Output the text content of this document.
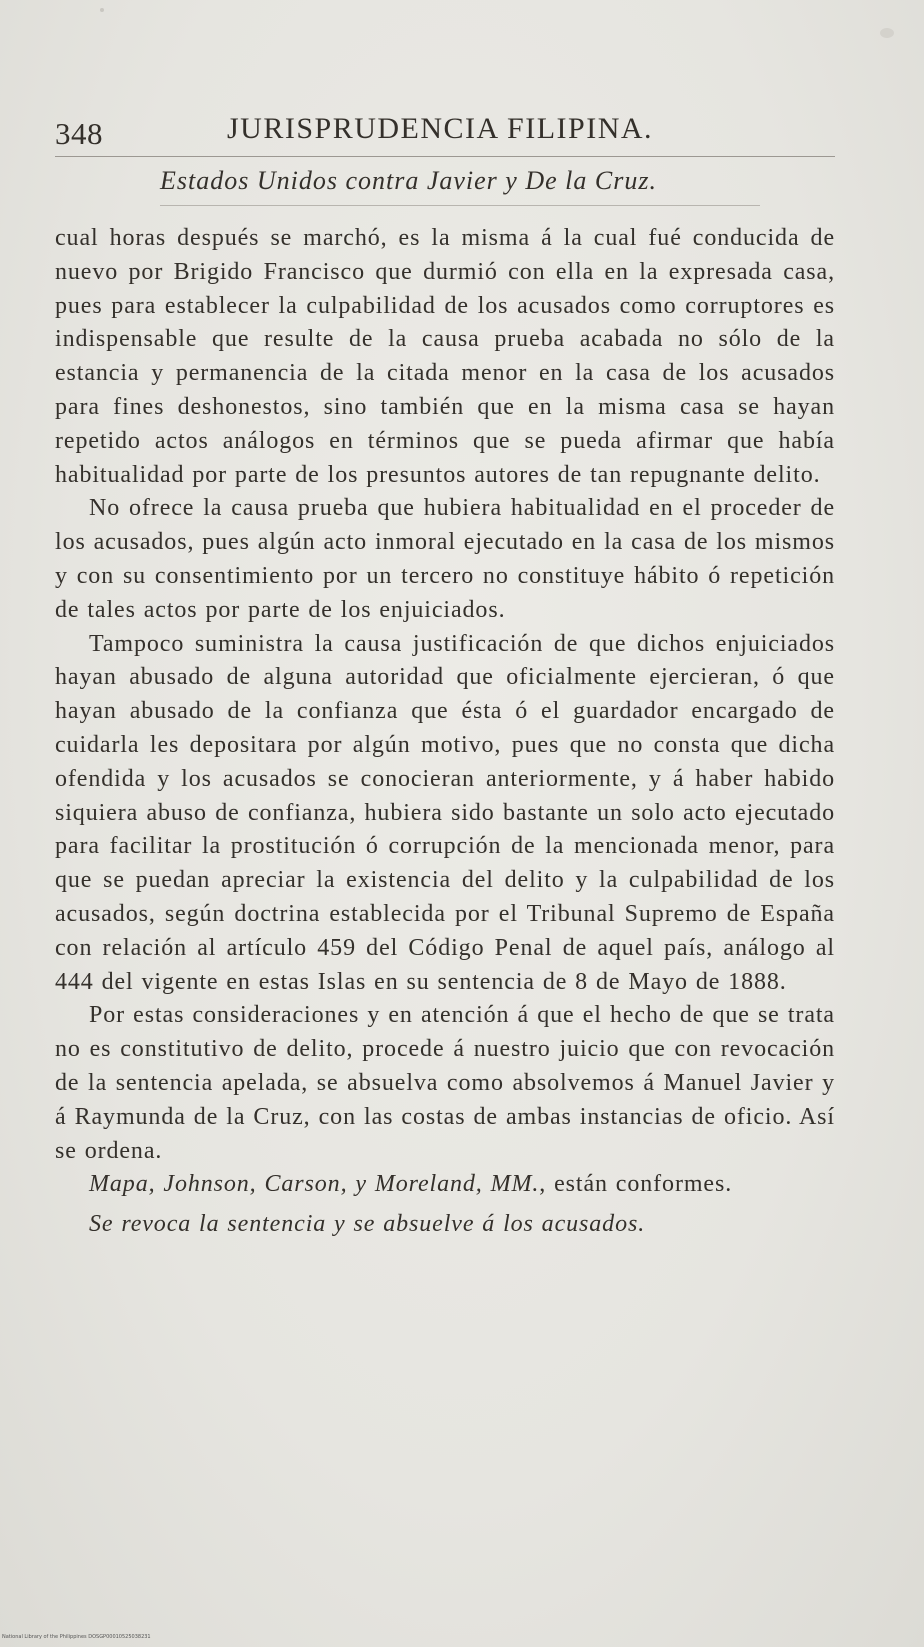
348	JURISPRUDENCIA FILIPINA.
Estados Unidos contra Javier y De la Cruz.

cual horas después se marchó, es la misma á la cual fué conducida de nuevo por Brigido Francisco que durmió con ella en la expresada casa, pues para establecer la culpabilidad de los acusados como corruptores es indispensable que resulte de la causa prueba acabada no sólo de la estancia y permanencia de la citada menor en la casa de los acusados para fines deshonestos, sino también que en la misma casa se hayan repetido actos análogos en términos que se pueda afirmar que había habitualidad por parte de los presuntos autores de tan repugnante delito.

No ofrece la causa prueba que hubiera habitualidad en el proceder de los acusados, pues algún acto inmoral ejecutado en la casa de los mismos y con su consentimiento por un tercero no constituye hábito ó repetición de tales actos por parte de los enjuiciados.

Tampoco suministra la causa justificación de que dichos enjuiciados hayan abusado de alguna autoridad que oficialmente ejercieran, ó que hayan abusado de la confianza que ésta ó el guardador encargado de cuidarla les depositara por algún motivo, pues que no consta que dicha ofendida y los acusados se conocieran anteriormente, y á haber habido siquiera abuso de confianza, hubiera sido bastante un solo acto ejecutado para facilitar la prostitución ó corrupción de la mencionada menor, para que se puedan apreciar la existencia del delito y la culpabilidad de los acusados, según doctrina establecida por el Tribunal Supremo de España con relación al artículo 459 del Código Penal de aquel país, análogo al 444 del vigente en estas Islas en su sentencia de 8 de Mayo de 1888.

Por estas consideraciones y en atención á que el hecho de que se trata no es constitutivo de delito, procede á nuestro juicio que con revocación de la sentencia apelada, se absuelva como absolvemos á Manuel Javier y á Raymunda de la Cruz, con las costas de ambas instancias de oficio. Así se ordena.

Mapa, Johnson, Carson, y Moreland, MM., están conformes.

Se revoca la sentencia y se absuelve á los acusados.

National Library of the Philippines DOSGP00010525038231
